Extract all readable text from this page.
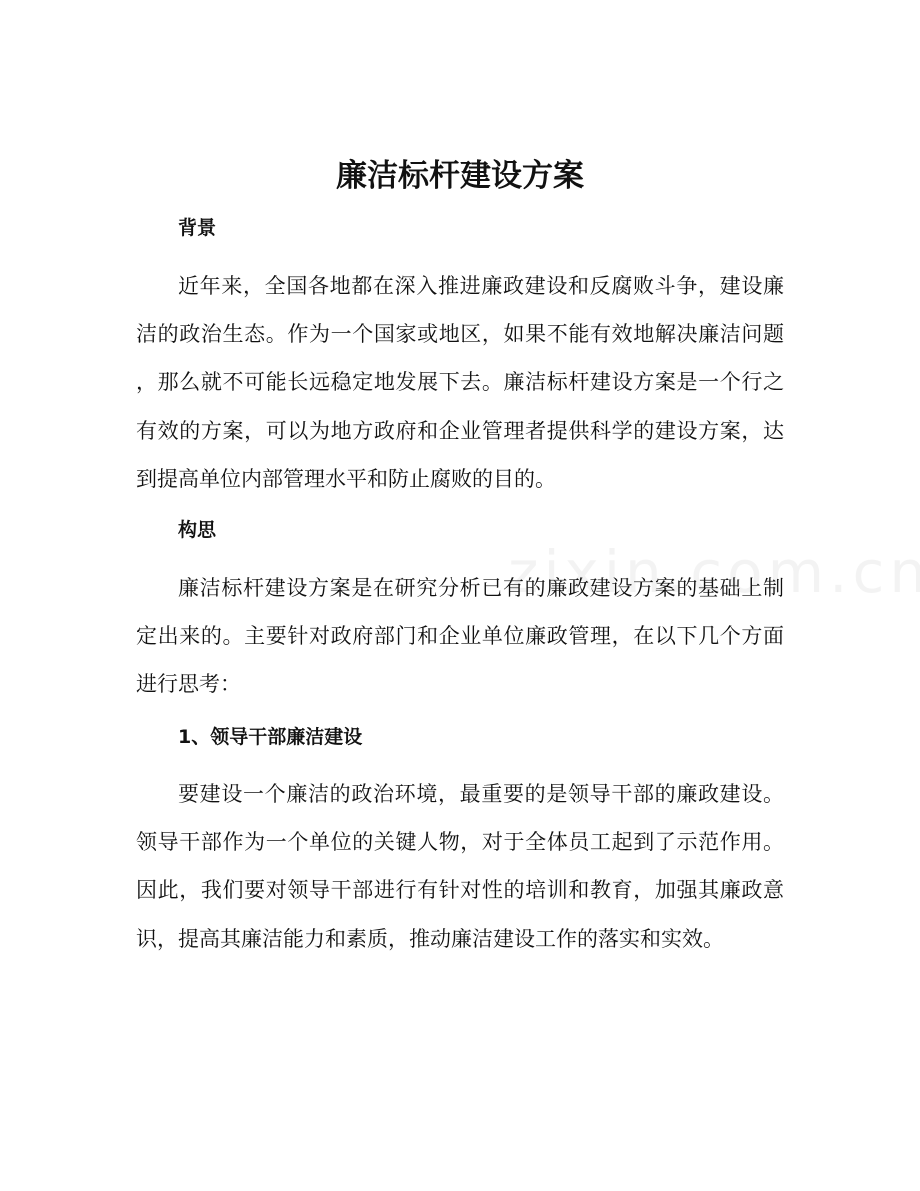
廉洁标杆建设方案
背景
近年来，全国各地都在深入推进廉政建设和反腐败斗争，建设廉
洁的政治生态。作为一个国家或地区，如果不能有效地解决廉洁问题
，那么就不可能长远稳定地发展下去。廉洁标杆建设方案是一个行之
有效的方案，可以为地方政府和企业管理者提供科学的建设方案，达
到提高单位内部管理水平和防止腐败的目的。
构思
廉洁标杆建设方案是在研究分析已有的廉政建设方案的基础上制
定出来的。主要针对政府部门和企业单位廉政管理，在以下几个方面
进行思考：
1、领导干部廉洁建设
要建设一个廉洁的政治环境，最重要的是领导干部的廉政建设。
领导干部作为一个单位的关键人物，对于全体员工起到了示范作用。
因此，我们要对领导干部进行有针对性的培训和教育，加强其廉政意
识，提高其廉洁能力和素质，推动廉洁建设工作的落实和实效。
